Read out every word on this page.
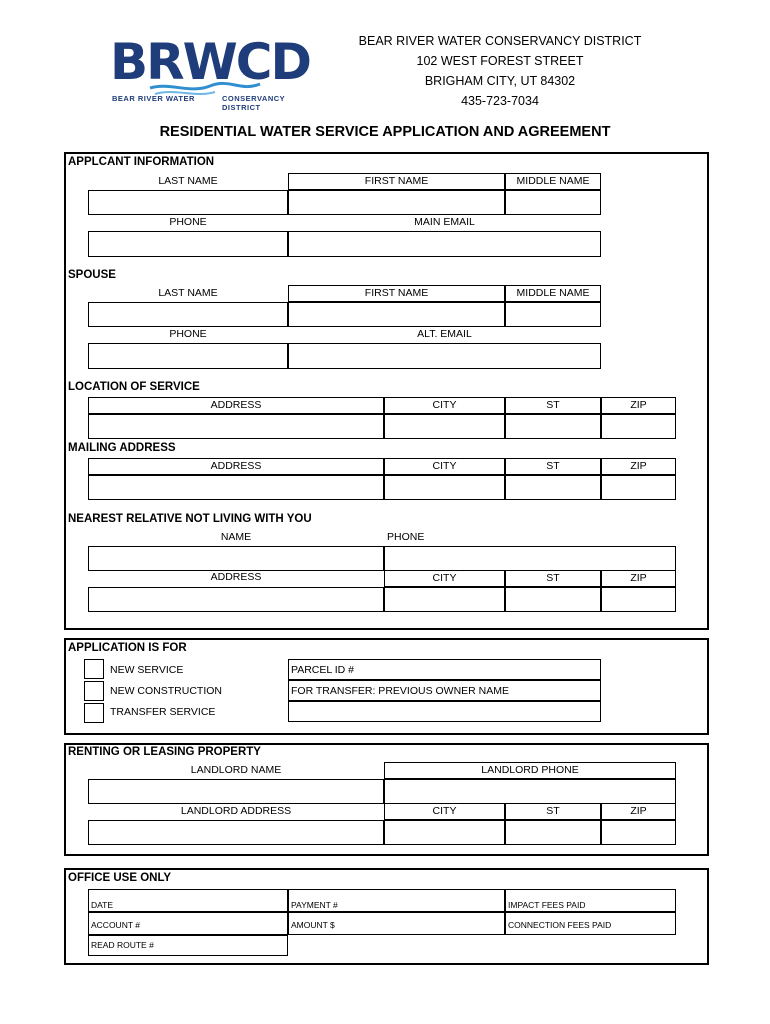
BRWCD
BEAR RIVER WATER	CONSERVANCY DISTRICT
BEAR RIVER WATER CONSERVANCY DISTRICT
102 WEST FOREST STREET
BRIGHAM CITY, UT 84302
435-723-7034
RESIDENTIAL WATER SERVICE APPLICATION AND AGREEMENT
APPLCANT INFORMATION
LAST NAME	FIRST NAME	MIDDLE NAME
PHONE	MAIN EMAIL
SPOUSE
LAST NAME	FIRST NAME	MIDDLE NAME
PHONE	ALT. EMAIL
LOCATION OF SERVICE
ADDRESS	CITY	ST	ZIP
MAILING ADDRESS
ADDRESS	CITY	ST	ZIP
NEAREST RELATIVE NOT LIVING WITH YOU
NAME	PHONE
ADDRESS	CITY	ST	ZIP
APPLICATION IS FOR
NEW SERVICE
NEW CONSTRUCTION
TRANSFER SERVICE
PARCEL ID #
FOR TRANSFER: PREVIOUS OWNER NAME
RENTING OR LEASING PROPERTY
LANDLORD NAME	LANDLORD PHONE
LANDLORD ADDRESS	CITY	ST	ZIP
OFFICE USE ONLY
DATE	PAYMENT #	IMPACT FEES PAID
ACCOUNT #	AMOUNT $	CONNECTION FEES PAID
READ ROUTE #
